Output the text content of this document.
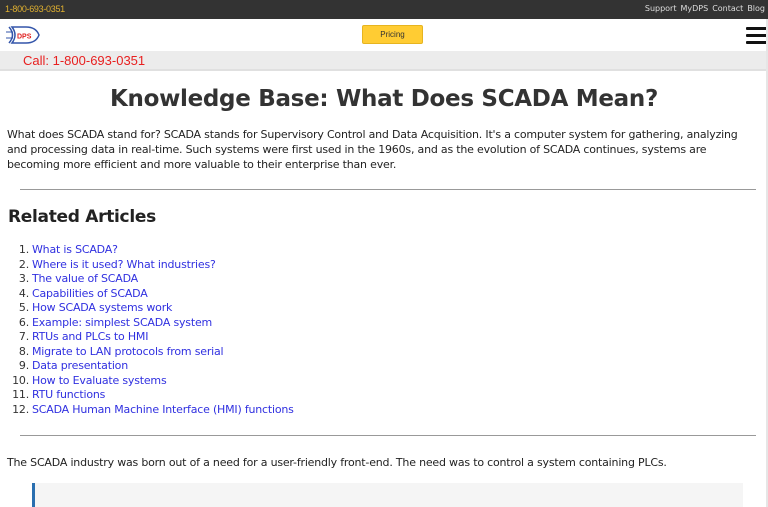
1-800-693-0351	Support MyDPS Contact Blog
DPS	Pricing
Call: 1-800-693-0351
Knowledge Base: What Does SCADA Mean?

What does SCADA stand for? SCADA stands for Supervisory Control and Data Acquisition. It's a computer system for gathering, analyzing and processing data in real-time. Such systems were first used in the 1960s, and as the evolution of SCADA continues, systems are becoming more efficient and more valuable to their enterprise than ever.

Related Articles
1. What is SCADA?
2. Where is it used? What industries?
3. The value of SCADA
4. Capabilities of SCADA
5. How SCADA systems work
6. Example: simplest SCADA system
7. RTUs and PLCs to HMI
8. Migrate to LAN protocols from serial
9. Data presentation
10. How to Evaluate systems
11. RTU functions
12. SCADA Human Machine Interface (HMI) functions

The SCADA industry was born out of a need for a user-friendly front-end. The need was to control a system containing PLCs.
